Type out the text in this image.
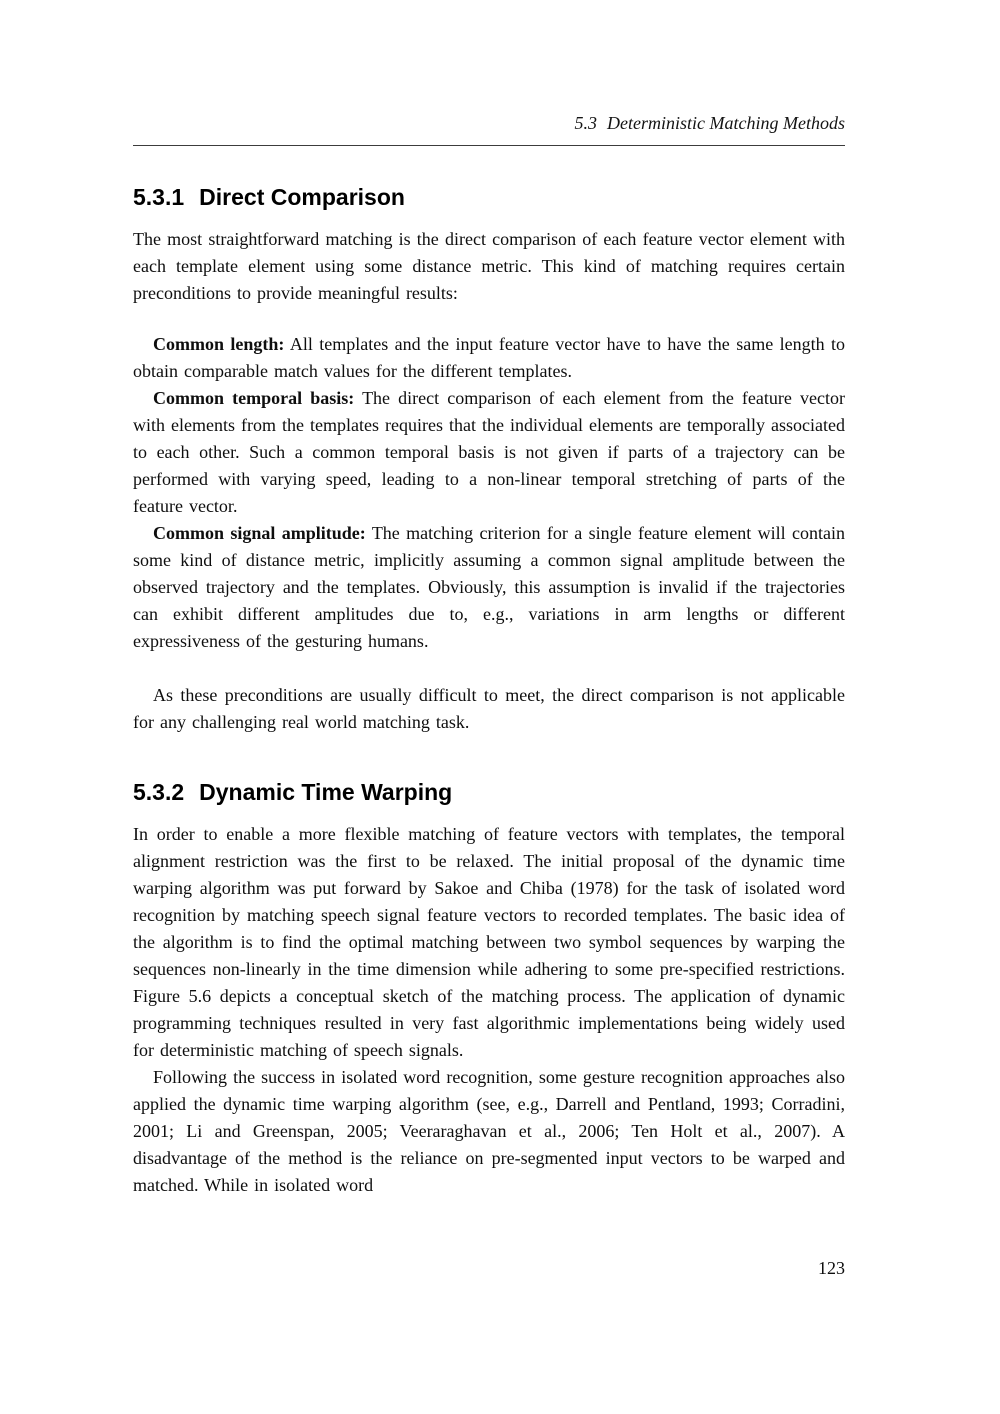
5.3 Deterministic Matching Methods
5.3.1 Direct Comparison

The most straightforward matching is the direct comparison of each feature vector element with each template element using some distance metric. This kind of matching requires certain preconditions to provide meaningful results:

Common length: All templates and the input feature vector have to have the same length to obtain comparable match values for the different templates.

Common temporal basis: The direct comparison of each element from the feature vector with elements from the templates requires that the individual elements are temporally associated to each other. Such a common temporal basis is not given if parts of a trajectory can be performed with varying speed, leading to a non-linear temporal stretching of parts of the feature vector.

Common signal amplitude: The matching criterion for a single feature element will contain some kind of distance metric, implicitly assuming a common signal amplitude between the observed trajectory and the templates. Obviously, this assumption is invalid if the trajectories can exhibit different amplitudes due to, e.g., variations in arm lengths or different expressiveness of the gesturing humans.

As these preconditions are usually difficult to meet, the direct comparison is not applicable for any challenging real world matching task.

5.3.2 Dynamic Time Warping

In order to enable a more flexible matching of feature vectors with templates, the temporal alignment restriction was the first to be relaxed. The initial proposal of the dynamic time warping algorithm was put forward by Sakoe and Chiba (1978) for the task of isolated word recognition by matching speech signal feature vectors to recorded templates. The basic idea of the algorithm is to find the optimal matching between two symbol sequences by warping the sequences non-linearly in the time dimension while adhering to some pre-specified restrictions. Figure 5.6 depicts a conceptual sketch of the matching process. The application of dynamic programming techniques resulted in very fast algorithmic implementations being widely used for deterministic matching of speech signals.

Following the success in isolated word recognition, some gesture recognition approaches also applied the dynamic time warping algorithm (see, e.g., Darrell and Pentland, 1993; Corradini, 2001; Li and Greenspan, 2005; Veeraraghavan et al., 2006; Ten Holt et al., 2007). A disadvantage of the method is the reliance on pre-segmented input vectors to be warped and matched. While in isolated word

123
